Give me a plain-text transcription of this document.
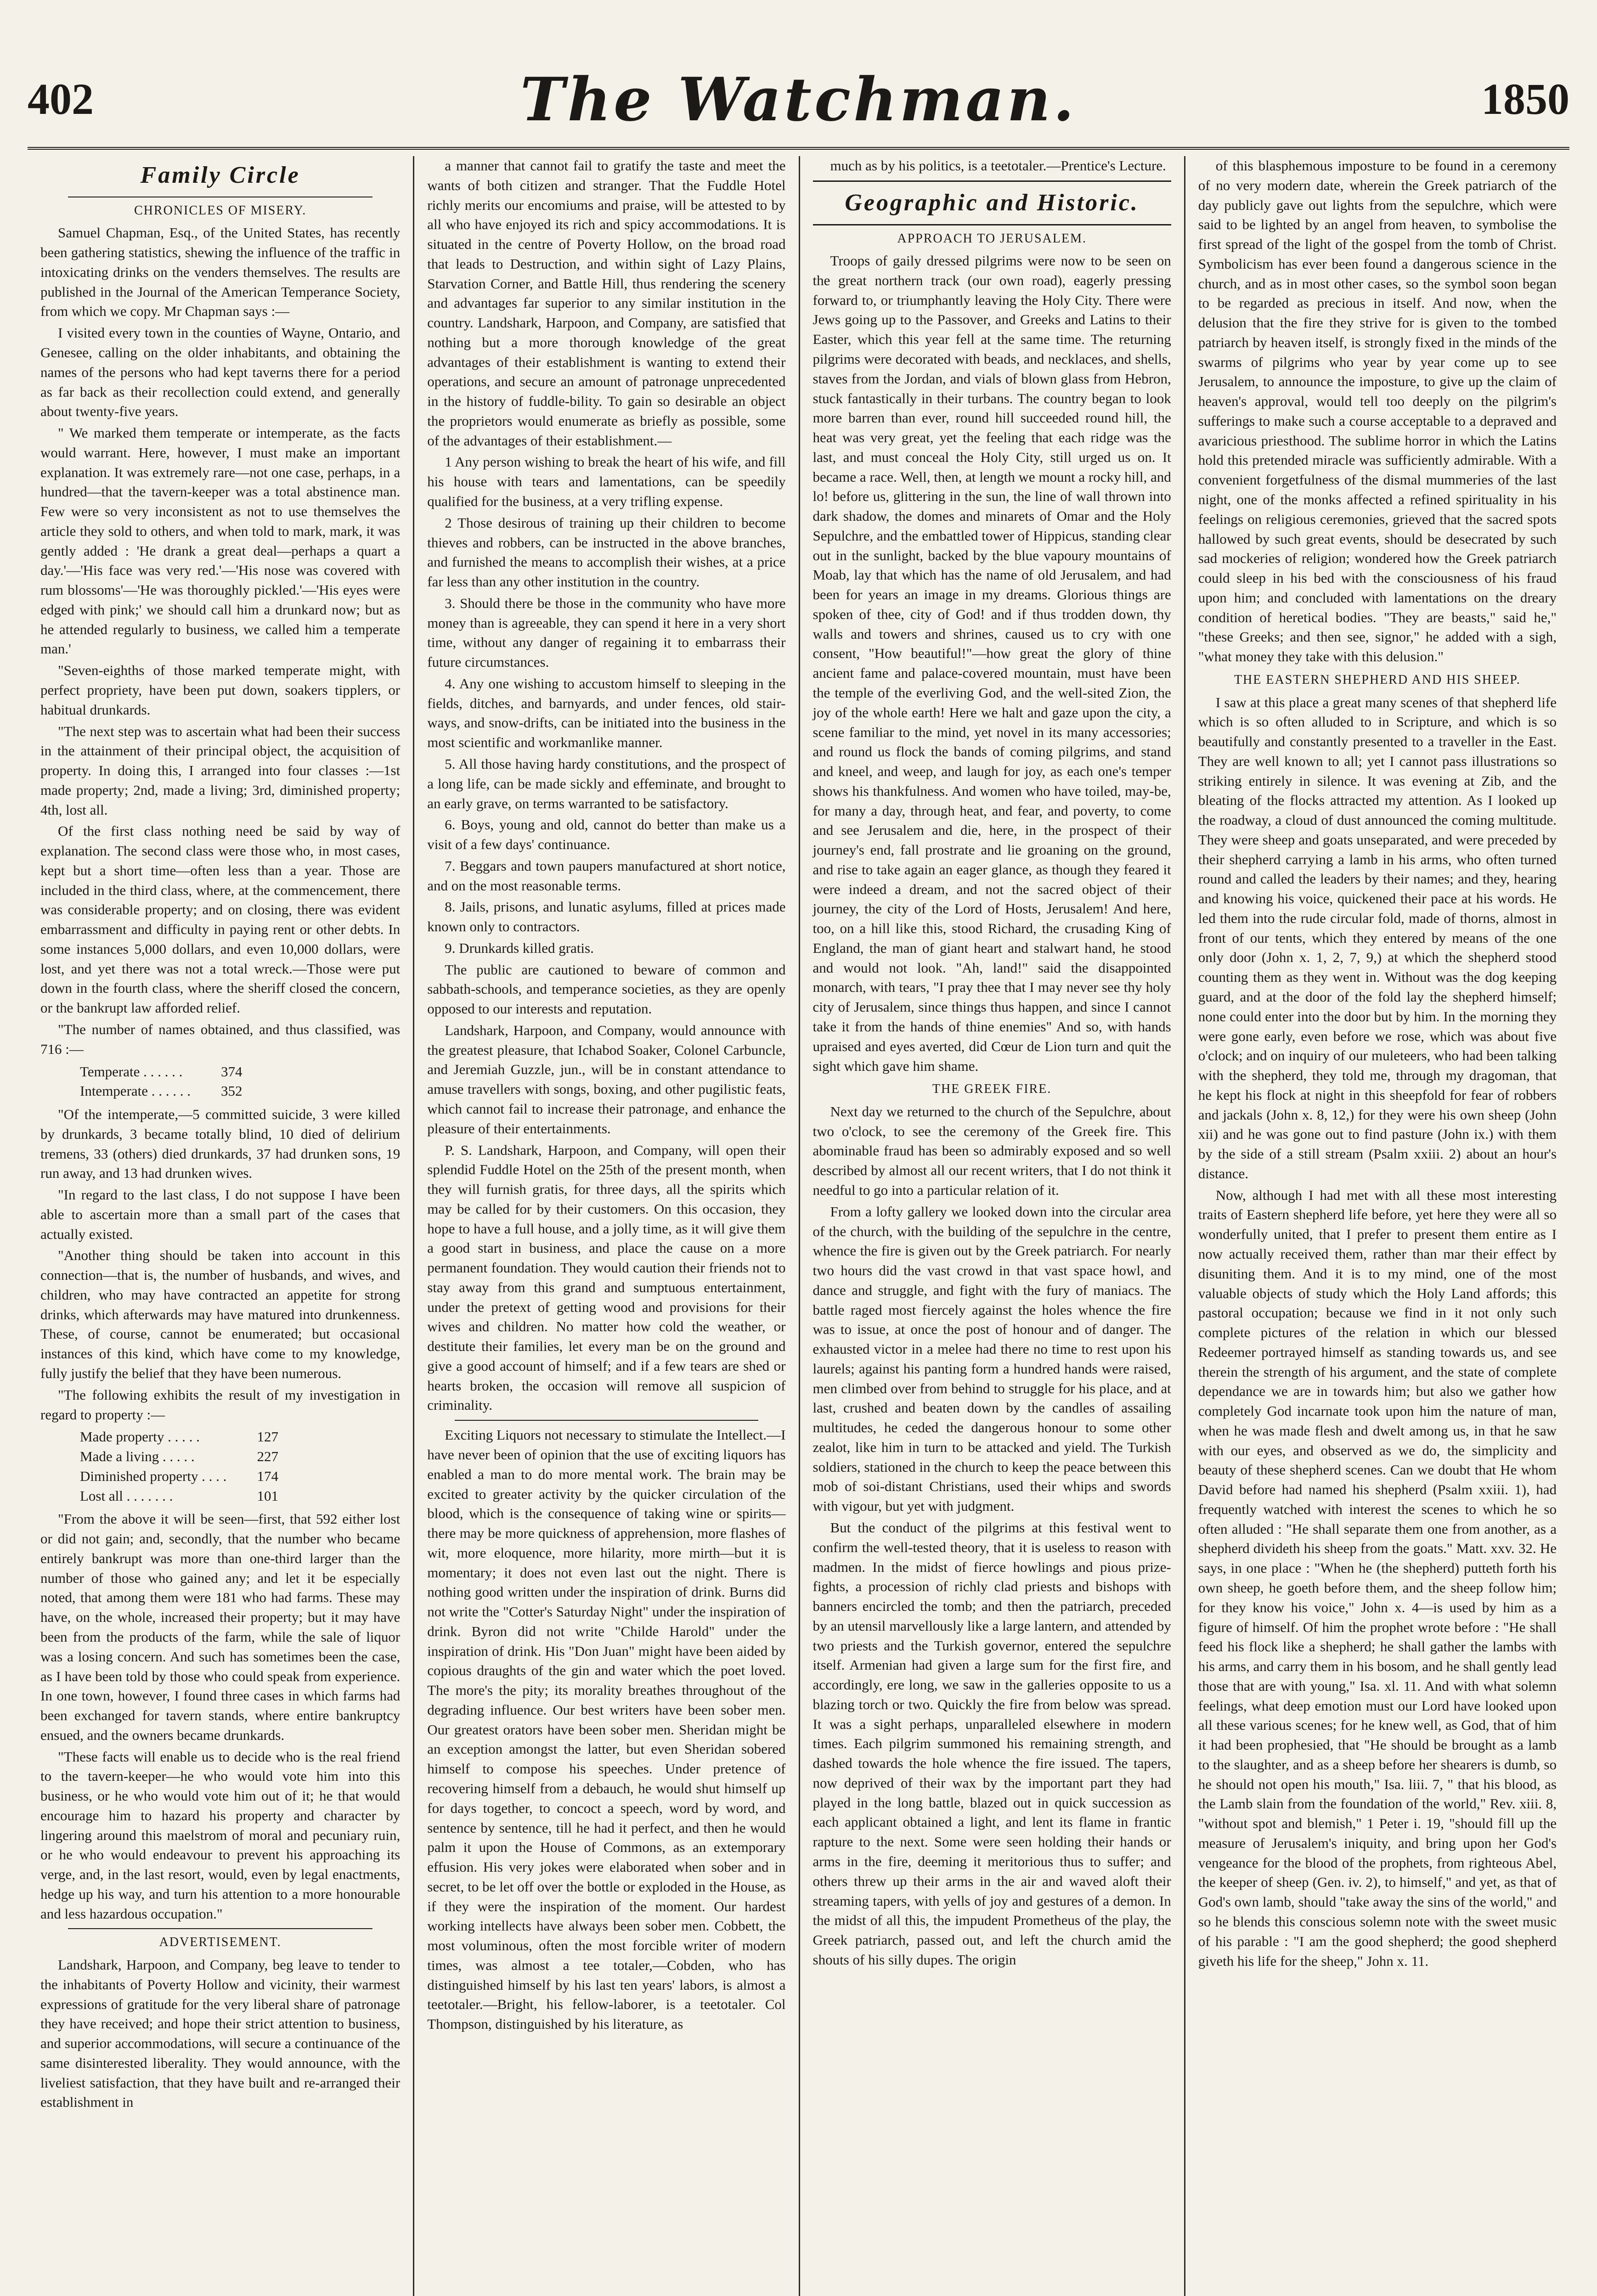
402	The Watchman.	1850
Family Circle
CHRONICLES OF MISERY.

Samuel Chapman, Esq., of the United States, has recently been gathering statistics, shewing the influence of the traffic in intoxicating drinks on the venders themselves. The results are published in the Journal of the American Temperance Society, from which we copy. Mr Chapman says :—

I visited every town in the counties of Wayne, Ontario, and Genesee, calling on the older inhabitants, and obtaining the names of the persons who had kept taverns there for a period as far back as their recollection could extend, and generally about twenty-five years.

" We marked them temperate or intemperate, as the facts would warrant. Here, however, I must make an important explanation. It was extremely rare—not one case, perhaps, in a hundred—that the tavern-keeper was a total abstinence man. Few were so very inconsistent as not to use themselves the article they sold to others, and when told to mark, mark, it was gently added : 'He drank a great deal—perhaps a quart a day.'—'His face was very red.'—'His nose was covered with rum blossoms'—'He was thoroughly pickled.'—'His eyes were edged with pink;' we should call him a drunkard now; but as he attended regularly to business, we called him a temperate man.'

"Seven-eighths of those marked temperate might, with perfect propriety, have been put down, soakers tipplers, or habitual drunkards.

"The next step was to ascertain what had been their success in the attainment of their principal object, the acquisition of property. In doing this, I arranged into four classes :—1st made property; 2nd, made a living; 3rd, diminished property; 4th, lost all.

Of the first class nothing need be said by way of explanation. The second class were those who, in most cases, kept but a short time—often less than a year. Those are included in the third class, where, at the commencement, there was considerable property; and on closing, there was evident embarrassment and difficulty in paying rent or other debts. In some instances 5,000 dollars, and even 10,000 dollars, were lost, and yet there was not a total wreck.—Those were put down in the fourth class, where the sheriff closed the concern, or the bankrupt law afforded relief.

"The number of names obtained, and thus classified, was 716 :—

Temperate . . . . . .	374
Intemperate . . . . . .	352

"Of the intemperate,—5 committed suicide, 3 were killed by drunkards, 3 became totally blind, 10 died of delirium tremens, 33 (others) died drunkards, 37 had drunken sons, 19 run away, and 13 had drunken wives.

"In regard to the last class, I do not suppose I have been able to ascertain more than a small part of the cases that actually existed.

"Another thing should be taken into account in this connection—that is, the number of husbands, and wives, and children, who may have contracted an appetite for strong drinks, which afterwards may have matured into drunkenness. These, of course, cannot be enumerated; but occasional instances of this kind, which have come to my knowledge, fully justify the belief that they have been numerous.

"The following exhibits the result of my investigation in regard to property :—

Made property . . . . .	127
Made a living . . . . .	227
Diminished property . . . .	174
Lost all . . . . . . .	101

"From the above it will be seen—first, that 592 either lost or did not gain; and, secondly, that the number who became entirely bankrupt was more than one-third larger than the number of those who gained any; and let it be especially noted, that among them were 181 who had farms. These may have, on the whole, increased their property; but it may have been from the products of the farm, while the sale of liquor was a losing concern. And such has sometimes been the case, as I have been told by those who could speak from experience. In one town, however, I found three cases in which farms had been exchanged for tavern stands, where entire bankruptcy ensued, and the owners became drunkards.

"These facts will enable us to decide who is the real friend to the tavern-keeper—he who would vote him into this business, or he who would vote him out of it; he that would encourage him to hazard his property and character by lingering around this maelstrom of moral and pecuniary ruin, or he who would endeavour to prevent his approaching its verge, and, in the last resort, would, even by legal enactments, hedge up his way, and turn his attention to a more honourable and less hazardous occupation."

ADVERTISEMENT.

Landshark, Harpoon, and Company, beg leave to tender to the inhabitants of Poverty Hollow and vicinity, their warmest expressions of gratitude for the very liberal share of patronage they have received; and hope their strict attention to business, and superior accommodations, will secure a continuance of the same disinterested liberality. They would announce, with the liveliest satisfaction, that they have built and re-arranged their establishment in

a manner that cannot fail to gratify the taste and meet the wants of both citizen and stranger. That the Fuddle Hotel richly merits our encomiums and praise, will be attested to by all who have enjoyed its rich and spicy accommodations. It is situated in the centre of Poverty Hollow, on the broad road that leads to Destruction, and within sight of Lazy Plains, Starvation Corner, and Battle Hill, thus rendering the scenery and advantages far superior to any similar institution in the country. Landshark, Harpoon, and Company, are satisfied that nothing but a more thorough knowledge of the great advantages of their establishment is wanting to extend their operations, and secure an amount of patronage unprecedented in the history of fuddle-bility. To gain so desirable an object the proprietors would enumerate as briefly as possible, some of the advantages of their establishment.—

1 Any person wishing to break the heart of his wife, and fill his house with tears and lamentations, can be speedily qualified for the business, at a very trifling expense.

2 Those desirous of training up their children to become thieves and robbers, can be instructed in the above branches, and furnished the means to accomplish their wishes, at a price far less than any other institution in the country.

3. Should there be those in the community who have more money than is agreeable, they can spend it here in a very short time, without any danger of regaining it to embarrass their future circumstances.

4. Any one wishing to accustom himself to sleeping in the fields, ditches, and barnyards, and under fences, old stair-ways, and snow-drifts, can be initiated into the business in the most scientific and workmanlike manner.

5. All those having hardy constitutions, and the prospect of a long life, can be made sickly and effeminate, and brought to an early grave, on terms warranted to be satisfactory.

6. Boys, young and old, cannot do better than make us a visit of a few days' continuance.

7. Beggars and town paupers manufactured at short notice, and on the most reasonable terms.

8. Jails, prisons, and lunatic asylums, filled at prices made known only to contractors.

9. Drunkards killed gratis.

The public are cautioned to beware of common and sabbath-schools, and temperance societies, as they are openly opposed to our interests and reputation.

Landshark, Harpoon, and Company, would announce with the greatest pleasure, that Ichabod Soaker, Colonel Carbuncle, and Jeremiah Guzzle, jun., will be in constant attendance to amuse travellers with songs, boxing, and other pugilistic feats, which cannot fail to increase their patronage, and enhance the pleasure of their entertainments.

P. S. Landshark, Harpoon, and Company, will open their splendid Fuddle Hotel on the 25th of the present month, when they will furnish gratis, for three days, all the spirits which may be called for by their customers. On this occasion, they hope to have a full house, and a jolly time, as it will give them a good start in business, and place the cause on a more permanent foundation. They would caution their friends not to stay away from this grand and sumptuous entertainment, under the pretext of getting wood and provisions for their wives and children. No matter how cold the weather, or destitute their families, let every man be on the ground and give a good account of himself; and if a few tears are shed or hearts broken, the occasion will remove all suspicion of criminality.

Exciting Liquors not necessary to stimulate the Intellect.—I have never been of opinion that the use of exciting liquors has enabled a man to do more mental work. The brain may be excited to greater activity by the quicker circulation of the blood, which is the consequence of taking wine or spirits—there may be more quickness of apprehension, more flashes of wit, more eloquence, more hilarity, more mirth—but it is momentary; it does not even last out the night. There is nothing good written under the inspiration of drink. Burns did not write the "Cotter's Saturday Night" under the inspiration of drink. Byron did not write "Childe Harold" under the inspiration of drink. His "Don Juan" might have been aided by copious draughts of the gin and water which the poet loved. The more's the pity; its morality breathes throughout of the degrading influence. Our best writers have been sober men. Our greatest orators have been sober men. Sheridan might be an exception amongst the latter, but even Sheridan sobered himself to compose his speeches. Under pretence of recovering himself from a debauch, he would shut himself up for days together, to concoct a speech, word by word, and sentence by sentence, till he had it perfect, and then he would palm it upon the House of Commons, as an extemporary effusion. His very jokes were elaborated when sober and in secret, to be let off over the bottle or exploded in the House, as if they were the inspiration of the moment. Our hardest working intellects have always been sober men. Cobbett, the most voluminous, often the most forcible writer of modern times, was almost a tee totaler,—Cobden, who has distinguished himself by his last ten years' labors, is almost a teetotaler.—Bright, his fellow-laborer, is a teetotaler. Col Thompson, distinguished by his literature, as

much as by his politics, is a teetotaler.—Prentice's Lecture.

Geographic and Historic.
APPROACH TO JERUSALEM.

Troops of gaily dressed pilgrims were now to be seen on the great northern track (our own road), eagerly pressing forward to, or triumphantly leaving the Holy City. There were Jews going up to the Passover, and Greeks and Latins to their Easter, which this year fell at the same time. The returning pilgrims were decorated with beads, and necklaces, and shells, staves from the Jordan, and vials of blown glass from Hebron, stuck fantastically in their turbans. The country began to look more barren than ever, round hill succeeded round hill, the heat was very great, yet the feeling that each ridge was the last, and must conceal the Holy City, still urged us on. It became a race. Well, then, at length we mount a rocky hill, and lo! before us, glittering in the sun, the line of wall thrown into dark shadow, the domes and minarets of Omar and the Holy Sepulchre, and the embattled tower of Hippicus, standing clear out in the sunlight, backed by the blue vapoury mountains of Moab, lay that which has the name of old Jerusalem, and had been for years an image in my dreams. Glorious things are spoken of thee, city of God! and if thus trodden down, thy walls and towers and shrines, caused us to cry with one consent, "How beautiful!"—how great the glory of thine ancient fame and palace-covered mountain, must have been the temple of the everliving God, and the well-sited Zion, the joy of the whole earth! Here we halt and gaze upon the city, a scene familiar to the mind, yet novel in its many accessories; and round us flock the bands of coming pilgrims, and stand and kneel, and weep, and laugh for joy, as each one's temper shows his thankfulness. And women who have toiled, may-be, for many a day, through heat, and fear, and poverty, to come and see Jerusalem and die, here, in the prospect of their journey's end, fall prostrate and lie groaning on the ground, and rise to take again an eager glance, as though they feared it were indeed a dream, and not the sacred object of their journey, the city of the Lord of Hosts, Jerusalem! And here, too, on a hill like this, stood Richard, the crusading King of England, the man of giant heart and stalwart hand, he stood and would not look. "Ah, land!" said the disappointed monarch, with tears, "I pray thee that I may never see thy holy city of Jerusalem, since things thus happen, and since I cannot take it from the hands of thine enemies" And so, with hands upraised and eyes averted, did Cœur de Lion turn and quit the sight which gave him shame.

THE GREEK FIRE.

Next day we returned to the church of the Sepulchre, about two o'clock, to see the ceremony of the Greek fire. This abominable fraud has been so admirably exposed and so well described by almost all our recent writers, that I do not think it needful to go into a particular relation of it.

From a lofty gallery we looked down into the circular area of the church, with the building of the sepulchre in the centre, whence the fire is given out by the Greek patriarch. For nearly two hours did the vast crowd in that vast space howl, and dance and struggle, and fight with the fury of maniacs. The battle raged most fiercely against the holes whence the fire was to issue, at once the post of honour and of danger. The exhausted victor in a melee had there no time to rest upon his laurels; against his panting form a hundred hands were raised, men climbed over from behind to struggle for his place, and at last, crushed and beaten down by the candles of assailing multitudes, he ceded the dangerous honour to some other zealot, like him in turn to be attacked and yield. The Turkish soldiers, stationed in the church to keep the peace between this mob of soi-distant Christians, used their whips and swords with vigour, but yet with judgment.

But the conduct of the pilgrims at this festival went to confirm the well-tested theory, that it is useless to reason with madmen. In the midst of fierce howlings and pious prize-fights, a procession of richly clad priests and bishops with banners encircled the tomb; and then the patriarch, preceded by an utensil marvellously like a large lantern, and attended by two priests and the Turkish governor, entered the sepulchre itself. Armenian had given a large sum for the first fire, and accordingly, ere long, we saw in the galleries opposite to us a blazing torch or two. Quickly the fire from below was spread. It was a sight perhaps, unparalleled elsewhere in modern times. Each pilgrim summoned his remaining strength, and dashed towards the hole whence the fire issued. The tapers, now deprived of their wax by the important part they had played in the long battle, blazed out in quick succession as each applicant obtained a light, and lent its flame in frantic rapture to the next. Some were seen holding their hands or arms in the fire, deeming it meritorious thus to suffer; and others threw up their arms in the air and waved aloft their streaming tapers, with yells of joy and gestures of a demon. In the midst of all this, the impudent Prometheus of the play, the Greek patriarch, passed out, and left the church amid the shouts of his silly dupes. The origin

of this blasphemous imposture to be found in a ceremony of no very modern date, wherein the Greek patriarch of the day publicly gave out lights from the sepulchre, which were said to be lighted by an angel from heaven, to symbolise the first spread of the light of the gospel from the tomb of Christ. Symbolicism has ever been found a dangerous science in the church, and as in most other cases, so the symbol soon began to be regarded as precious in itself. And now, when the delusion that the fire they strive for is given to the tombed patriarch by heaven itself, is strongly fixed in the minds of the swarms of pilgrims who year by year come up to see Jerusalem, to announce the imposture, to give up the claim of heaven's approval, would tell too deeply on the pilgrim's sufferings to make such a course acceptable to a depraved and avaricious priesthood. The sublime horror in which the Latins hold this pretended miracle was sufficiently admirable. With a convenient forgetfulness of the dismal mummeries of the last night, one of the monks affected a refined spirituality in his feelings on religious ceremonies, grieved that the sacred spots hallowed by such great events, should be desecrated by such sad mockeries of religion; wondered how the Greek patriarch could sleep in his bed with the consciousness of his fraud upon him; and concluded with lamentations on the dreary condition of heretical bodies. "They are beasts," said he," "these Greeks; and then see, signor," he added with a sigh, "what money they take with this delusion."

THE EASTERN SHEPHERD AND HIS SHEEP.

I saw at this place a great many scenes of that shepherd life which is so often alluded to in Scripture, and which is so beautifully and constantly presented to a traveller in the East. They are well known to all; yet I cannot pass illustrations so striking entirely in silence. It was evening at Zib, and the bleating of the flocks attracted my attention. As I looked up the roadway, a cloud of dust announced the coming multitude. They were sheep and goats unseparated, and were preceded by their shepherd carrying a lamb in his arms, who often turned round and called the leaders by their names; and they, hearing and knowing his voice, quickened their pace at his words. He led them into the rude circular fold, made of thorns, almost in front of our tents, which they entered by means of the one only door (John x. 1, 2, 7, 9,) at which the shepherd stood counting them as they went in. Without was the dog keeping guard, and at the door of the fold lay the shepherd himself; none could enter into the door but by him. In the morning they were gone early, even before we rose, which was about five o'clock; and on inquiry of our muleteers, who had been talking with the shepherd, they told me, through my dragoman, that he kept his flock at night in this sheepfold for fear of robbers and jackals (John x. 8, 12,) for they were his own sheep (John xii) and he was gone out to find pasture (John ix.) with them by the side of a still stream (Psalm xxiii. 2) about an hour's distance.

Now, although I had met with all these most interesting traits of Eastern shepherd life before, yet here they were all so wonderfully united, that I prefer to present them entire as I now actually received them, rather than mar their effect by disuniting them. And it is to my mind, one of the most valuable objects of study which the Holy Land affords; this pastoral occupation; because we find in it not only such complete pictures of the relation in which our blessed Redeemer portrayed himself as standing towards us, and see therein the strength of his argument, and the state of complete dependance we are in towards him; but also we gather how completely God incarnate took upon him the nature of man, when he was made flesh and dwelt among us, in that he saw with our eyes, and observed as we do, the simplicity and beauty of these shepherd scenes. Can we doubt that He whom David before had named his shepherd (Psalm xxiii. 1), had frequently watched with interest the scenes to which he so often alluded : "He shall separate them one from another, as a shepherd divideth his sheep from the goats." Matt. xxv. 32. He says, in one place : "When he (the shepherd) putteth forth his own sheep, he goeth before them, and the sheep follow him; for they know his voice," John x. 4—is used by him as a figure of himself. Of him the prophet wrote before : "He shall feed his flock like a shepherd; he shall gather the lambs with his arms, and carry them in his bosom, and he shall gently lead those that are with young," Isa. xl. 11. And with what solemn feelings, what deep emotion must our Lord have looked upon all these various scenes; for he knew well, as God, that of him it had been prophesied, that "He should be brought as a lamb to the slaughter, and as a sheep before her shearers is dumb, so he should not open his mouth," Isa. liii. 7, " that his blood, as the Lamb slain from the foundation of the world," Rev. xiii. 8, "without spot and blemish," 1 Peter i. 19, "should fill up the measure of Jerusalem's iniquity, and bring upon her God's vengeance for the blood of the prophets, from righteous Abel, the keeper of sheep (Gen. iv. 2), to himself," and yet, as that of God's own lamb, should "take away the sins of the world," and so he blends this conscious solemn note with the sweet music of his parable : "I am the good shepherd; the good shepherd giveth his life for the sheep," John x. 11.
